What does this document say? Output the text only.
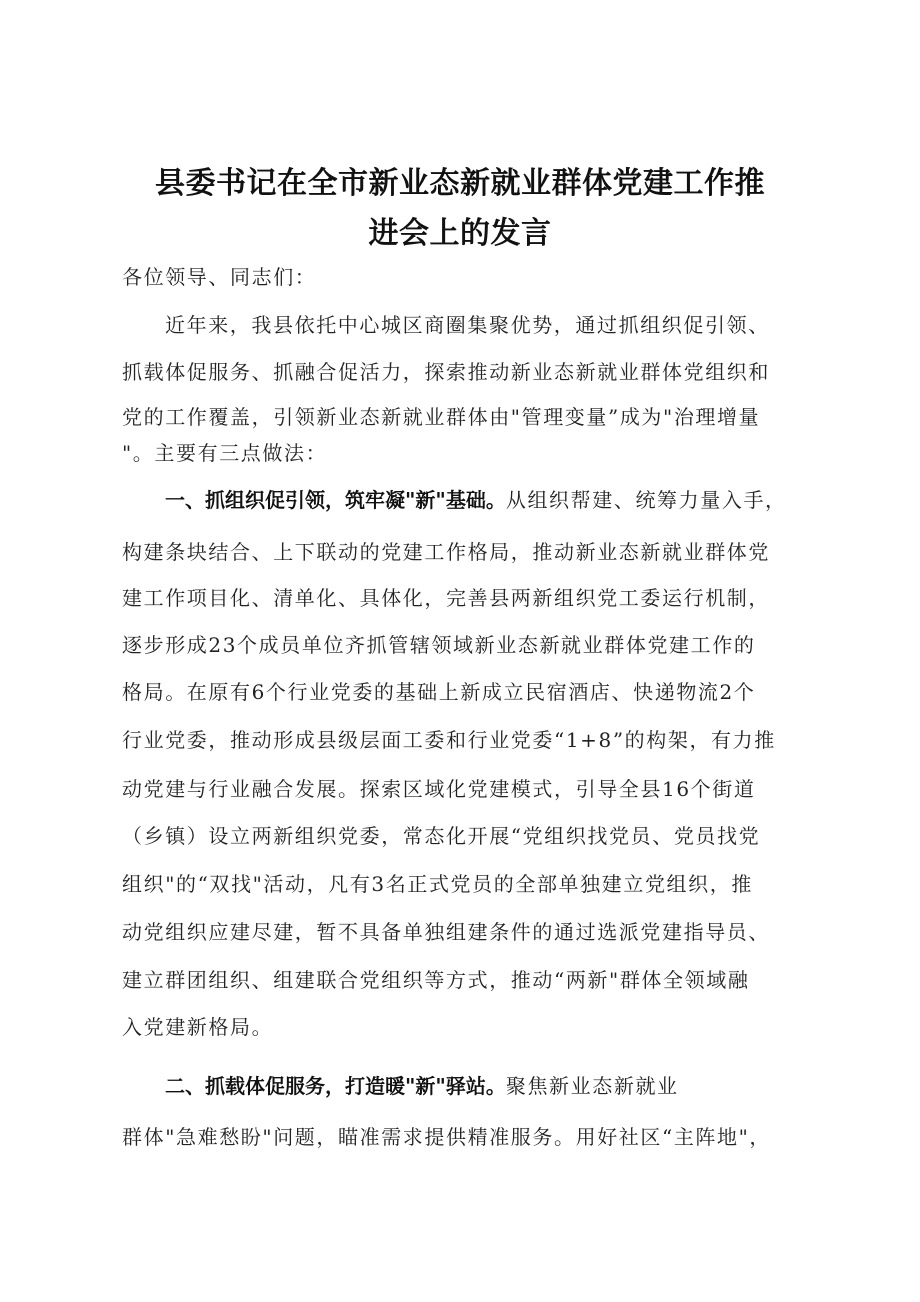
县委书记在全市新业态新就业群体党建工作推
进会上的发言
各位领导、同志们：
近年来，我县依托中心城区商圈集聚优势，通过抓组织促引领、
抓载体促服务、抓融合促活力，探索推动新业态新就业群体党组织和
党的工作覆盖，引领新业态新就业群体由"管理变量”成为"治理增量
"。主要有三点做法：
一、抓组织促引领，筑牢凝"新"基础。从组织帮建、统筹力量入手，
构建条块结合、上下联动的党建工作格局，推动新业态新就业群体党
建工作项目化、清单化、具体化，完善县两新组织党工委运行机制，
逐步形成23个成员单位齐抓管辖领域新业态新就业群体党建工作的
格局。在原有6个行业党委的基础上新成立民宿酒店、快递物流2个
行业党委，推动形成县级层面工委和行业党委“1+8”的构架，有力推
动党建与行业融合发展。探索区域化党建模式，引导全县16个街道
（乡镇）设立两新组织党委，常态化开展“党组织找党员、党员找党
组织"的“双找"活动，凡有3名正式党员的全部单独建立党组织，推
动党组织应建尽建，暂不具备单独组建条件的通过选派党建指导员、
建立群团组织、组建联合党组织等方式，推动“两新"群体全领域融
入党建新格局。
二、抓载体促服务，打造暖"新"驿站。聚焦新业态新就业
群体"急难愁盼"问题，瞄准需求提供精准服务。用好社区“主阵地"，
